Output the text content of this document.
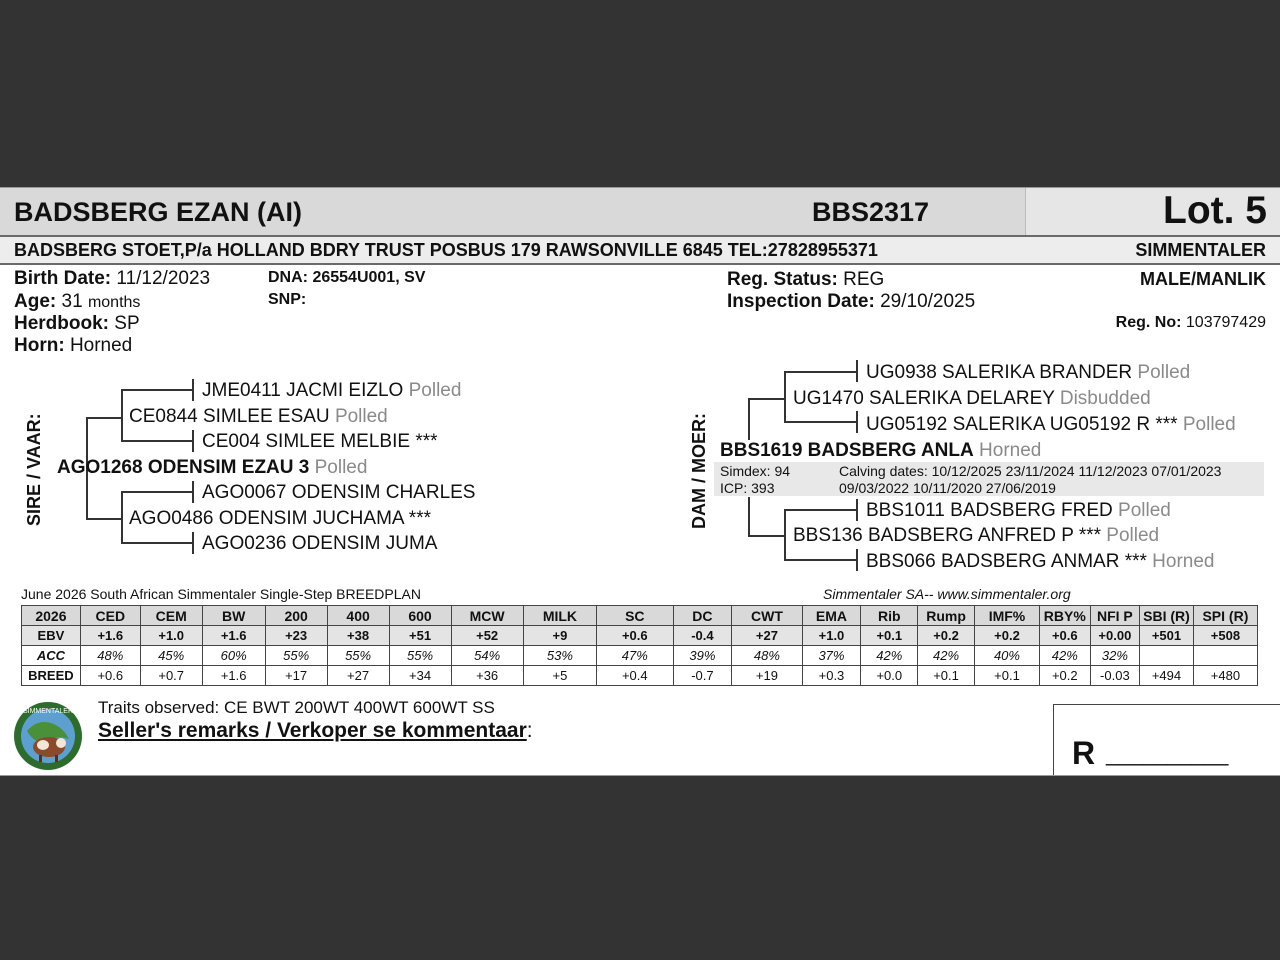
BADSBERG EZAN (AI)	BBS2317	Lot. 5
BADSBERG STOET,P/a HOLLAND BDRY TRUST POSBUS 179 RAWSONVILLE 6845 TEL:27828955371	SIMMENTALER
Birth Date: 11/12/2023
Age: 31 months
Herdbook: SP
Horn: Horned
DNA: 26554U001, SV
SNP:
Reg. Status: REG
Inspection Date: 29/10/2025
MALE/MANLIK
Reg. No: 103797429
SIRE / VAAR:
JME0411 JACMI EIZLO Polled
CE0844 SIMLEE ESAU Polled
CE004 SIMLEE MELBIE ***
AGO1268 ODENSIM EZAU 3 Polled
AGO0067 ODENSIM CHARLES
AGO0486 ODENSIM JUCHAMA ***
AGO0236 ODENSIM JUMA
DAM / MOER:
UG0938 SALERIKA BRANDER Polled
UG1470 SALERIKA DELAREY Disbudded
UG05192 SALERIKA UG05192 R *** Polled
BBS1619 BADSBERG ANLA Horned
Simdex: 94
ICP: 393
Calving dates: 10/12/2025 23/11/2024 11/12/2023 07/01/2023
09/03/2022 10/11/2020 27/06/2019
BBS1011 BADSBERG FRED Polled
BBS136 BADSBERG ANFRED P *** Polled
BBS066 BADSBERG ANMAR *** Horned
June 2026 South African Simmentaler Single-Step BREEDPLAN	Simmentaler SA-- www.simmentaler.org
2026	CED	CEM	BW	200	400	600	MCW	MILK	SC	DC	CWT	EMA	Rib	Rump	IMF%	RBY%	NFI P	SBI (R)	SPI (R)
EBV	+1.6	+1.0	+1.6	+23	+38	+51	+52	+9	+0.6	-0.4	+27	+1.0	+0.1	+0.2	+0.2	+0.6	+0.00	+501	+508
ACC	48%	45%	60%	55%	55%	55%	54%	53%	47%	39%	48%	37%	42%	42%	40%	42%	32%		
BREED	+0.6	+0.7	+1.6	+17	+27	+34	+36	+5	+0.4	-0.7	+19	+0.3	+0.0	+0.1	+0.1	+0.2	-0.03	+494	+480
SIMMENTALER Traits observed: CE BWT 200WT 400WT 600WT SS
Seller's remarks / Verkoper se kommentaar:
R __________
